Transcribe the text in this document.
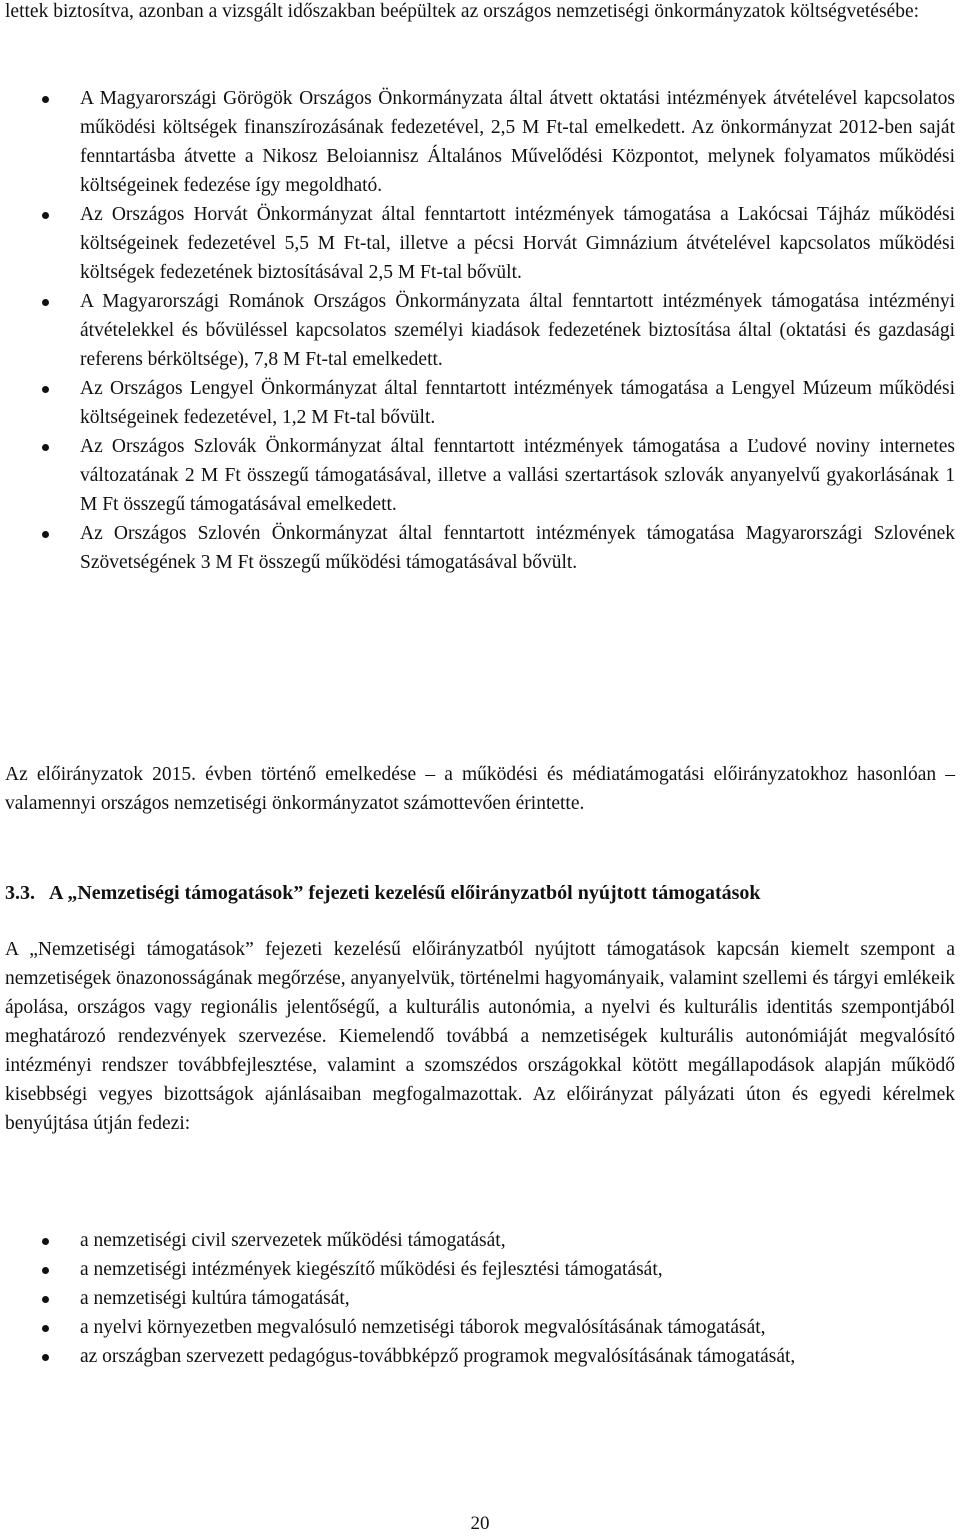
lettek biztosítva, azonban a vizsgált időszakban beépültek az országos nemzetiségi önkormányzatok költségvetésébe:

A Magyarországi Görögök Országos Önkormányzata által átvett oktatási intézmények átvételével kapcsolatos működési költségek finanszírozásának fedezetével, 2,5 M Ft-tal emelkedett. Az önkormányzat 2012-ben saját fenntartásba átvette a Nikosz Beloiannisz Általános Művelődési Központot, melynek folyamatos működési költségeinek fedezése így megoldható.
Az Országos Horvát Önkormányzat által fenntartott intézmények támogatása a Lakócsai Tájház működési költségeinek fedezetével 5,5 M Ft-tal, illetve a pécsi Horvát Gimnázium átvételével kapcsolatos működési költségek fedezetének biztosításával 2,5 M Ft-tal bővült.
A Magyarországi Románok Országos Önkormányzata által fenntartott intézmények támogatása intézményi átvételekkel és bővüléssel kapcsolatos személyi kiadások fedezetének biztosítása által (oktatási és gazdasági referens bérköltsége), 7,8 M Ft-tal emelkedett.
Az Országos Lengyel Önkormányzat által fenntartott intézmények támogatása a Lengyel Múzeum működési költségeinek fedezetével, 1,2 M Ft-tal bővült.
Az Országos Szlovák Önkormányzat által fenntartott intézmények támogatása a Ľudové noviny internetes változatának 2 M Ft összegű támogatásával, illetve a vallási szertartások szlovák anyanyelvű gyakorlásának 1 M Ft összegű támogatásával emelkedett.
Az Országos Szlovén Önkormányzat által fenntartott intézmények támogatása Magyarországi Szlovének Szövetségének 3 M Ft összegű működési támogatásával bővült.

Az előirányzatok 2015. évben történő emelkedése – a működési és médiatámogatási előirányzatokhoz hasonlóan – valamennyi országos nemzetiségi önkormányzatot számottevően érintette.

3.3. A „Nemzetiségi támogatások” fejezeti kezelésű előirányzatból nyújtott támogatások

A „Nemzetiségi támogatások” fejezeti kezelésű előirányzatból nyújtott támogatások kapcsán kiemelt szempont a nemzetiségek önazonosságának megőrzése, anyanyelvük, történelmi hagyományaik, valamint szellemi és tárgyi emlékeik ápolása, országos vagy regionális jelentőségű, a kulturális autonómia, a nyelvi és kulturális identitás szempontjából meghatározó rendezvények szervezése. Kiemelendő továbbá a nemzetiségek kulturális autonómiáját megvalósító intézményi rendszer továbbfejlesztése, valamint a szomszédos országokkal kötött megállapodások alapján működő kisebbségi vegyes bizottságok ajánlásaiban megfogalmazottak. Az előirányzat pályázati úton és egyedi kérelmek benyújtása útján fedezi:

a nemzetiségi civil szervezetek működési támogatását,
a nemzetiségi intézmények kiegészítő működési és fejlesztési támogatását,
a nemzetiségi kultúra támogatását,
a nyelvi környezetben megvalósuló nemzetiségi táborok megvalósításának támogatását,
az országban szervezett pedagógus-továbbképző programok megvalósításának támogatását,
20
